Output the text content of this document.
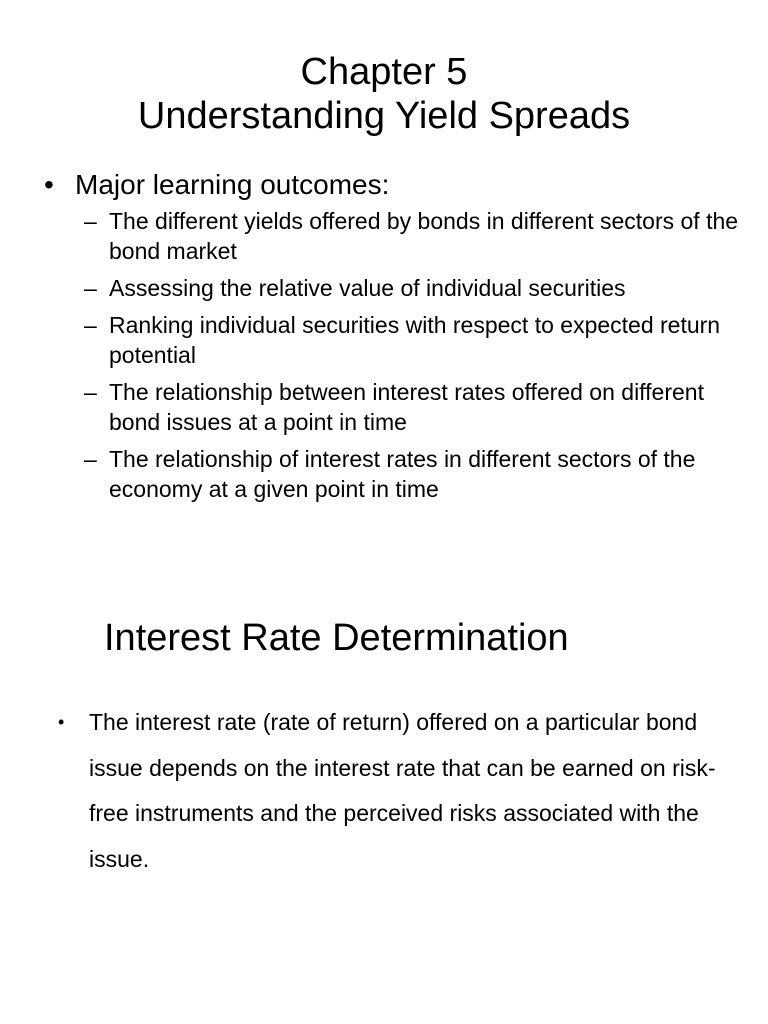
Chapter 5
Understanding Yield Spreads
• Major learning outcomes:
– The different yields offered by bonds in different sectors of the bond market
– Assessing the relative value of individual securities
– Ranking individual securities with respect to expected return potential
– The relationship between interest rates offered on different bond issues at a point in time
– The relationship of interest rates in different sectors of the economy at a given point in time
Interest Rate Determination
• The interest rate (rate of return) offered on a particular bond issue depends on the interest rate that can be earned on risk-free instruments and the perceived risks associated with the issue.
